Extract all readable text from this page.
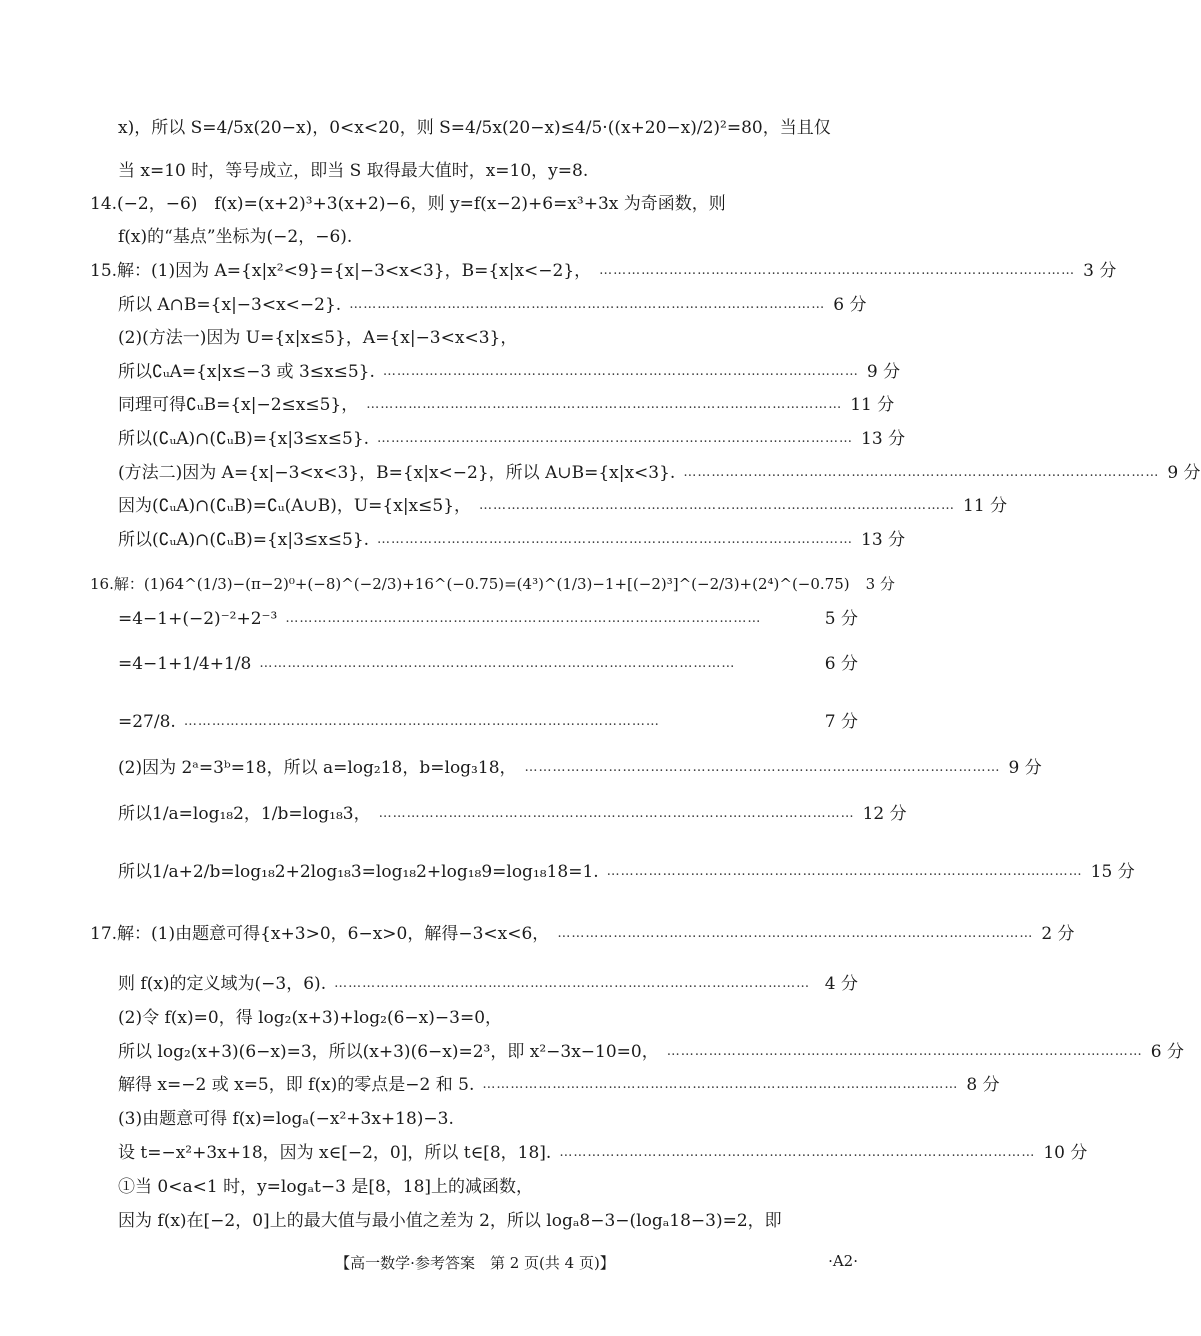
x)，所以 S=4/5x(20−x)，0<x<20，则 S=4/5x(20−x)≤4/5·((x+20−x)/2)²=80，当且仅
当 x=10 时，等号成立，即当 S 取得最大值时，x=10，y=8.
14.(−2，−6)　f(x)=(x+2)³+3(x+2)−6，则 y=f(x−2)+6=x³+3x 为奇函数，则
f(x)的“基点”坐标为(−2，−6).
15.解：(1)因为 A={x|x²<9}={x|−3<x<3}，B={x|x<−2}， ………………………………………………………………………………………… 3 分
所以 A∩B={x|−3<x<−2}. ………………………………………………………………………………………… 6 分
(2)(方法一)因为 U={x|x≤5}，A={x|−3<x<3}，
所以∁ᵤA={x|x≤−3 或 3≤x≤5}. ………………………………………………………………………………………… 9 分
同理可得∁ᵤB={x|−2≤x≤5}， ………………………………………………………………………………………… 11 分
所以(∁ᵤA)∩(∁ᵤB)={x|3≤x≤5}. ………………………………………………………………………………………… 13 分
(方法二)因为 A={x|−3<x<3}，B={x|x<−2}，所以 A∪B={x|x<3}. ………………………………………………………………………………………… 9 分
因为(∁ᵤA)∩(∁ᵤB)=∁ᵤ(A∪B)，U={x|x≤5}， ………………………………………………………………………………………… 11 分
所以(∁ᵤA)∩(∁ᵤB)={x|3≤x≤5}. ………………………………………………………………………………………… 13 分
16.解：(1)64^(1/3)−(π−2)⁰+(−8)^(−2/3)+16^(−0.75)=(4³)^(1/3)−1+[(−2)³]^(−2/3)+(2⁴)^(−0.75) 3 分
=4−1+(−2)⁻²+2⁻³ …………………………………………………………………………………………	5 分
=4−1+1/4+1/8 …………………………………………………………………………………………	6 分
=27/8. …………………………………………………………………………………………	7 分
(2)因为 2ᵃ=3ᵇ=18，所以 a=log₂18，b=log₃18， ………………………………………………………………………………………… 9 分
所以1/a=log₁₈2，1/b=log₁₈3， ………………………………………………………………………………………… 12 分
所以1/a+2/b=log₁₈2+2log₁₈3=log₁₈2+log₁₈9=log₁₈18=1. ………………………………………………………………………………………… 15 分
17.解：(1)由题意可得{x+3>0，6−x>0，解得−3<x<6， ………………………………………………………………………………………… 2 分
则 f(x)的定义域为(−3，6). ………………………………………………………………………………………… 4 分
(2)令 f(x)=0，得 log₂(x+3)+log₂(6−x)−3=0，
所以 log₂(x+3)(6−x)=3，所以(x+3)(6−x)=2³，即 x²−3x−10=0， ………………………………………………………………………………………… 6 分
解得 x=−2 或 x=5，即 f(x)的零点是−2 和 5. ………………………………………………………………………………………… 8 分
(3)由题意可得 f(x)=logₐ(−x²+3x+18)−3.
设 t=−x²+3x+18，因为 x∈[−2，0]，所以 t∈[8，18]. ………………………………………………………………………………………… 10 分
①当 0<a<1 时，y=logₐt−3 是[8，18]上的减函数，
因为 f(x)在[−2，0]上的最大值与最小值之差为 2，所以 logₐ8−3−(logₐ18−3)=2，即
【高一数学·参考答案　第 2 页(共 4 页)】	·A2·
